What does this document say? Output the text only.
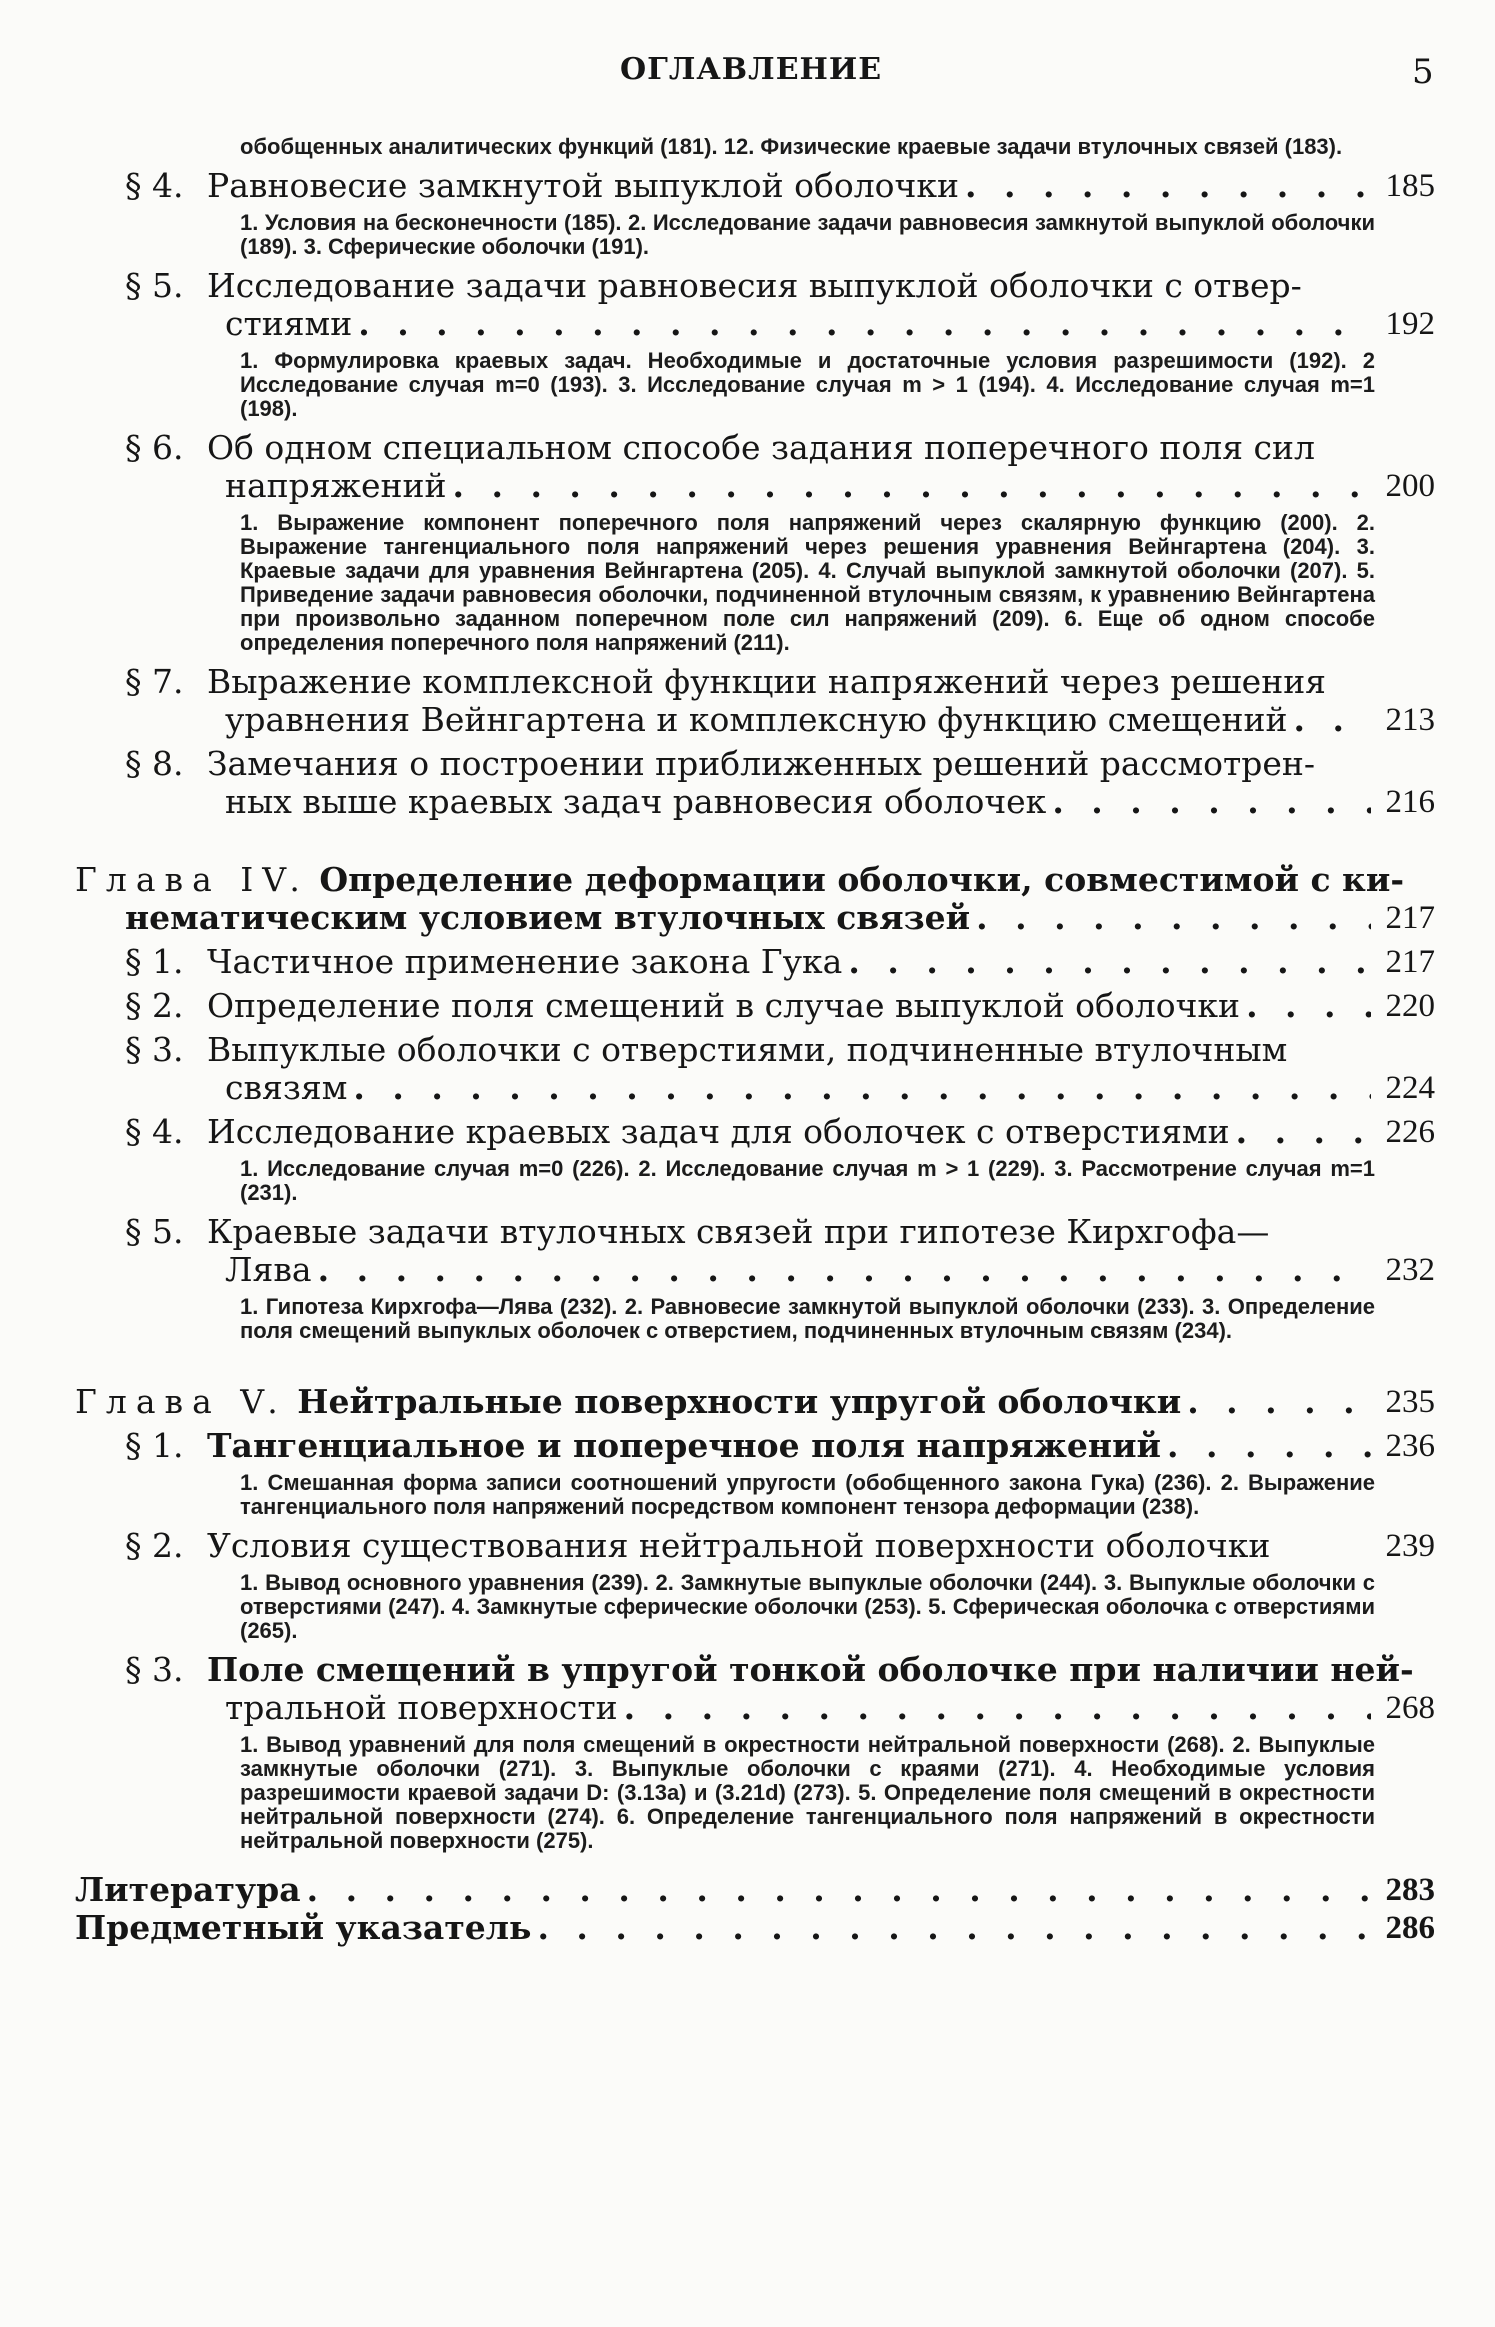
ОГЛАВЛЕНИЕ	5
обобщенных аналитических функций (181). 12. Физические краевые задачи втулочных связей (183).
§ 4. Равновесие замкнутой выпуклой оболочки . . .	185
1. Условия на бесконечности (185). 2. Исследование задачи равновесия замкнутой выпуклой оболочки (189). 3. Сферические оболочки (191).
§ 5. Исследование задачи равновесия выпуклой оболочки с отвер-
стиями . . .	192
1. Формулировка краевых задач. Необходимые и достаточные условия разрешимости (192). 2 Исследование случая m=0 (193). 3. Исследование случая m > 1 (194). 4. Исследование случая m=1 (198).
§ 6. Об одном специальном способе задания поперечного поля сил
напряжений . . .	200
1. Выражение компонент поперечного поля напряжений через скалярную функцию (200). 2. Выражение тангенциального поля напряжений через решения уравнения Вейнгартена (204). 3. Краевые задачи для уравнения Вейнгартена (205). 4. Случай выпуклой замкнутой оболочки (207). 5. Приведение задачи равновесия оболочки, подчиненной втулочным связям, к уравнению Вейнгартена при произвольно заданном поперечном поле сил напряжений (209). 6. Еще об одном способе определения поперечного поля напряжений (211).
§ 7. Выражение комплексной функции напряжений через решения
уравнения Вейнгартена и комплексную функцию смещений . . .	213
§ 8. Замечания о построении приближенных решений рассмотрен-
ных выше краевых задач равновесия оболочек . . .	216
Глава IV.
Определение деформации оболочки, совместимой с ки-
нематическим условием втулочных связей . . .	217
§ 1. Частичное применение закона Гука . . .	217
§ 2. Определение поля смещений в случае выпуклой оболочки . . .	220
§ 3. Выпуклые оболочки с отверстиями, подчиненные втулочным
связям . . .	224
§ 4. Исследование краевых задач для оболочек с отверстиями . . .	226
1. Исследование случая m=0 (226). 2. Исследование случая m > 1 (229). 3. Рассмотрение случая m=1 (231).
§ 5. Краевые задачи втулочных связей при гипотезе Кирхгофа—
Лява . . .	232
1. Гипотеза Кирхгофа—Лява (232). 2. Равновесие замкнутой выпуклой оболочки (233). 3. Определение поля смещений выпуклых оболочек с отверстием, подчиненных втулочным связям (234).
Глава V.
Нейтральные поверхности упругой оболочки . . .	235
§ 1. Тангенциальное и поперечное поля напряжений . . .	236
1. Смешанная форма записи соотношений упругости (обобщенного закона Гука) (236). 2. Выражение тангенциального поля напряжений посредством компонент тензора деформации (238).
§ 2. Условия существования нейтральной поверхности оболочки	239
1. Вывод основного уравнения (239). 2. Замкнутые выпуклые оболочки (244). 3. Выпуклые оболочки с отверстиями (247). 4. Замкнутые сферические оболочки (253). 5. Сферическая оболочка с отверстиями (265).
§ 3. Поле смещений в упругой тонкой оболочке при наличии ней-
тральной поверхности . . .	268
1. Вывод уравнений для поля смещений в окрестности нейтральной поверхности (268). 2. Выпуклые замкнутые оболочки (271). 3. Выпуклые оболочки с краями (271). 4. Необходимые условия разрешимости краевой задачи D: (3.13a) и (3.21d) (273). 5. Определение поля смещений в окрестности нейтральной поверхности (274). 6. Определение тангенциального поля напряжений в окрестности нейтральной поверхности (275).
Литература . . .	283
Предметный указатель . . .	286
